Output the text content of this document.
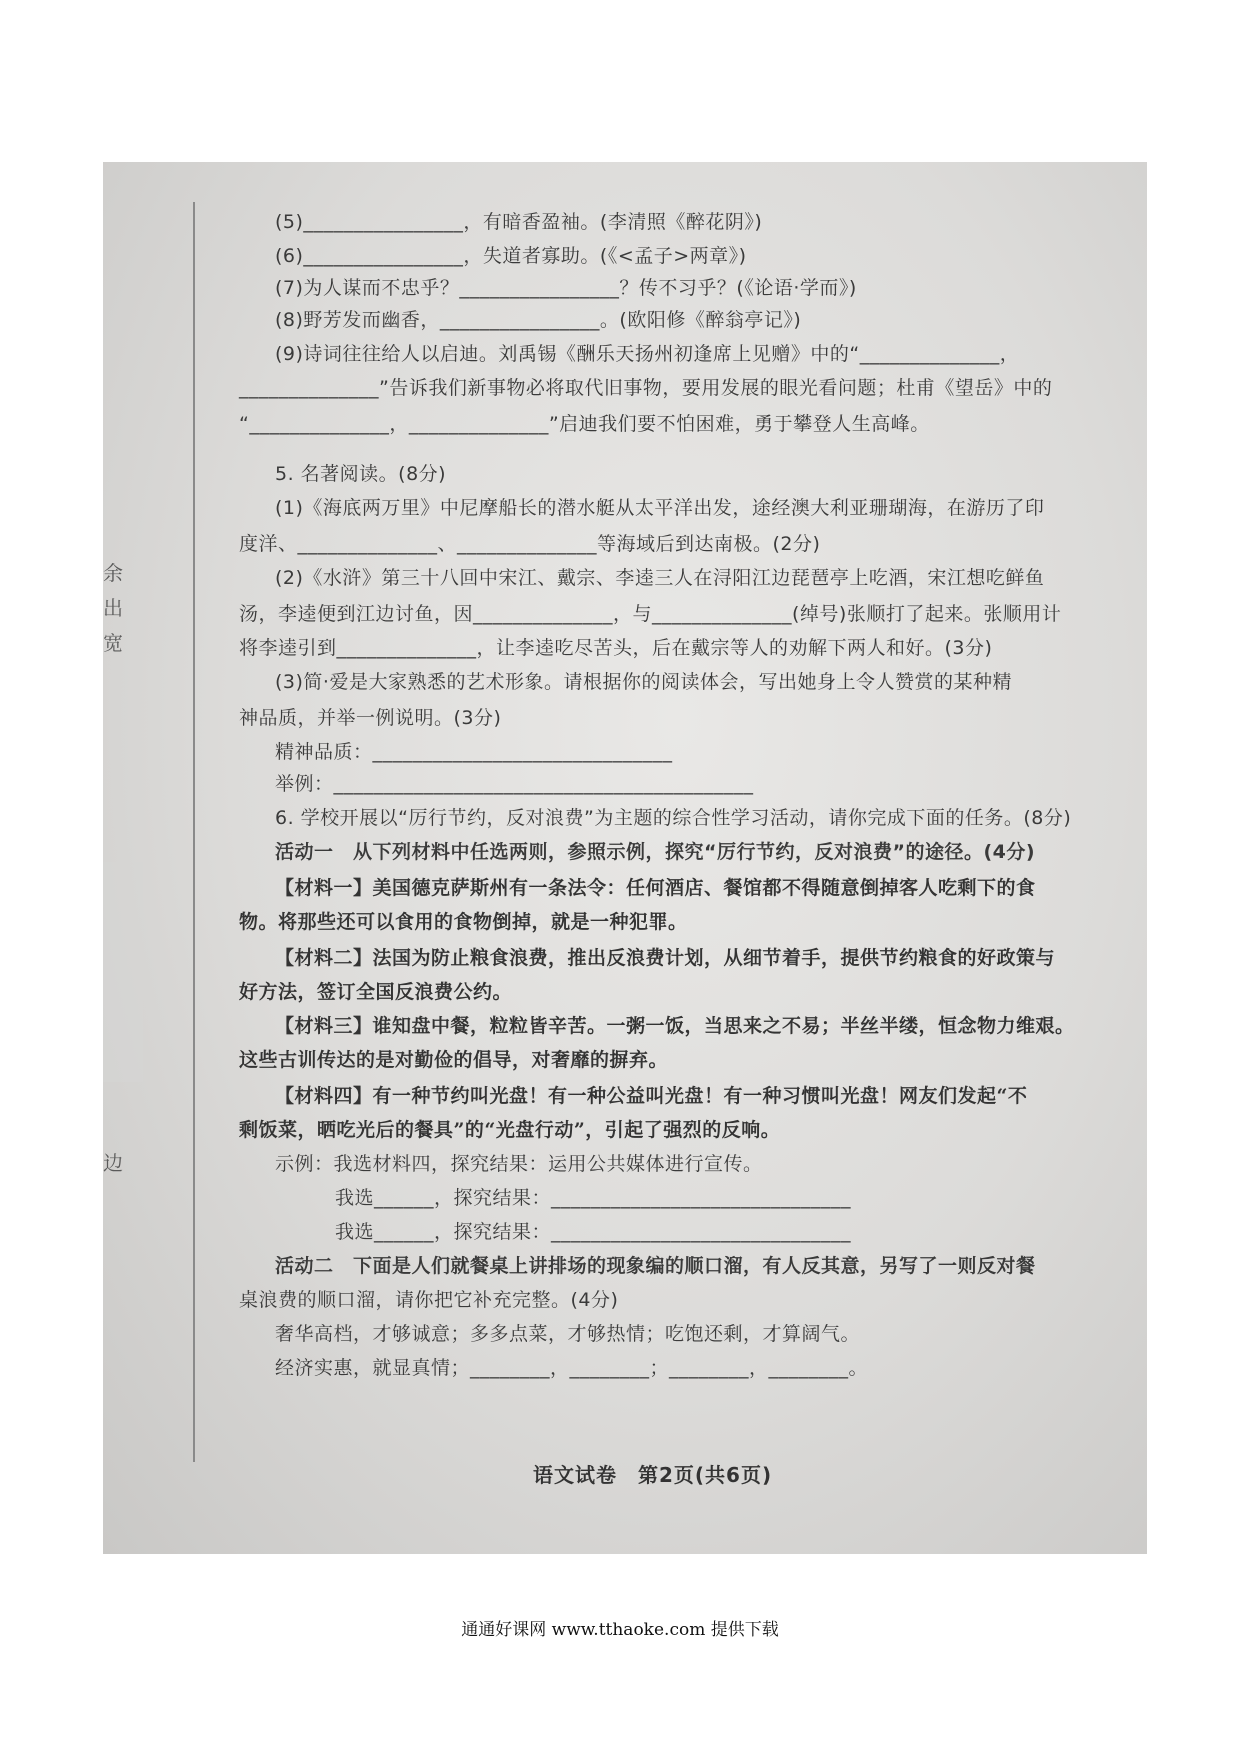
余
出
宽
边
(5)________________，有暗香盈袖。(李清照《醉花阴》)
(6)________________，失道者寡助。(《<孟子>两章》)
(7)为人谋而不忠乎？________________？传不习乎？(《论语·学而》)
(8)野芳发而幽香，________________。(欧阳修《醉翁亭记》)
(9)诗词往往给人以启迪。刘禹锡《酬乐天扬州初逢席上见赠》中的“______________，
______________”告诉我们新事物必将取代旧事物，要用发展的眼光看问题；杜甫《望岳》中的
“______________，______________”启迪我们要不怕困难，勇于攀登人生高峰。
5. 名著阅读。(8分)
(1)《海底两万里》中尼摩船长的潜水艇从太平洋出发，途经澳大利亚珊瑚海，在游历了印
度洋、______________、______________等海域后到达南极。(2分)
(2)《水浒》第三十八回中宋江、戴宗、李逵三人在浔阳江边琵琶亭上吃酒，宋江想吃鲜鱼
汤，李逵便到江边讨鱼，因______________，与______________(绰号)张顺打了起来。张顺用计
将李逵引到______________，让李逵吃尽苦头，后在戴宗等人的劝解下两人和好。(3分)
(3)简·爱是大家熟悉的艺术形象。请根据你的阅读体会，写出她身上令人赞赏的某种精
神品质，并举一例说明。(3分)
精神品质：______________________________
举例：__________________________________________
6. 学校开展以“厉行节约，反对浪费”为主题的综合性学习活动，请你完成下面的任务。(8分)
活动一　从下列材料中任选两则，参照示例，探究“厉行节约，反对浪费”的途径。(4分)
【材料一】美国德克萨斯州有一条法令：任何酒店、餐馆都不得随意倒掉客人吃剩下的食
物。将那些还可以食用的食物倒掉，就是一种犯罪。
【材料二】法国为防止粮食浪费，推出反浪费计划，从细节着手，提供节约粮食的好政策与
好方法，签订全国反浪费公约。
【材料三】谁知盘中餐，粒粒皆辛苦。一粥一饭，当思来之不易；半丝半缕，恒念物力维艰。
这些古训传达的是对勤俭的倡导，对奢靡的摒弃。
【材料四】有一种节约叫光盘！有一种公益叫光盘！有一种习惯叫光盘！网友们发起“不
剩饭菜，晒吃光后的餐具”的“光盘行动”，引起了强烈的反响。
示例：我选材料四，探究结果：运用公共媒体进行宣传。
我选______，探究结果：______________________________
我选______，探究结果：______________________________
活动二　下面是人们就餐桌上讲排场的现象编的顺口溜，有人反其意，另写了一则反对餐
桌浪费的顺口溜，请你把它补充完整。(4分)
奢华高档，才够诚意；多多点菜，才够热情；吃饱还剩，才算阔气。
经济实惠，就显真情；________，________；________，________。
语文试卷　第2页(共6页)
通通好课网 www.tthaoke.com 提供下载
